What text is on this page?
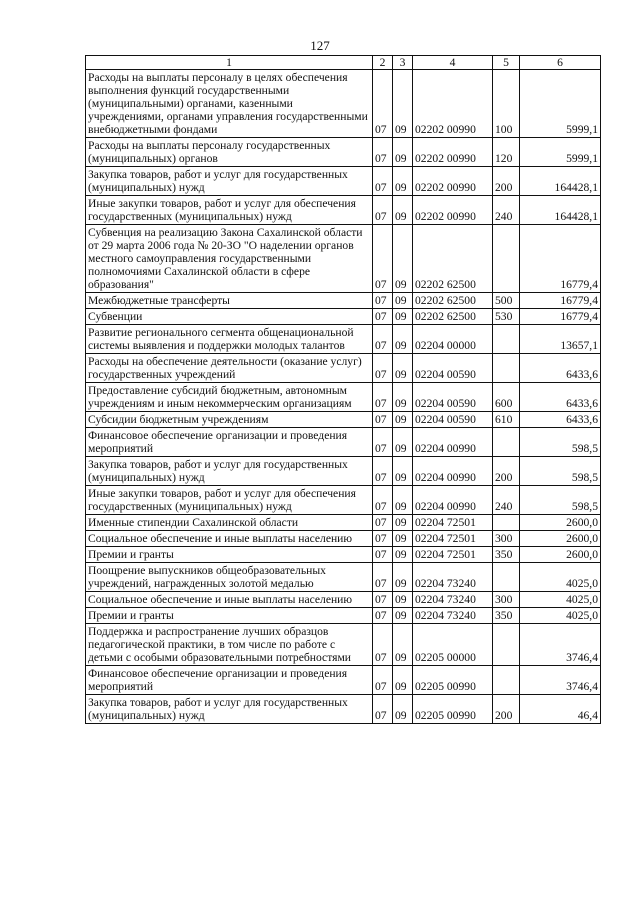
127
1	2	3	4	5	6
Расходы на выплаты персоналу в целях обеспечения выполнения функций государственными (муниципальными) органами, казенными учреждениями, органами управления государственными внебюджетными фондами	07	09	02202 00990	100	5999,1
Расходы на выплаты персоналу государственных (муниципальных) органов	07	09	02202 00990	120	5999,1
Закупка товаров, работ и услуг для государственных (муниципальных) нужд	07	09	02202 00990	200	164428,1
Иные закупки товаров, работ и услуг для обеспечения государственных (муниципальных) нужд	07	09	02202 00990	240	164428,1
Субвенция на реализацию Закона Сахалинской области от 29 марта 2006 года № 20-ЗО "О наделении органов местного самоуправления государственными полномочиями Сахалинской области в сфере образования"	07	09	02202 62500		16779,4
Межбюджетные трансферты	07	09	02202 62500	500	16779,4
Субвенции	07	09	02202 62500	530	16779,4
Развитие регионального сегмента общенациональной системы выявления и поддержки молодых талантов	07	09	02204 00000		13657,1
Расходы на обеспечение деятельности (оказание услуг) государственных учреждений	07	09	02204 00590		6433,6
Предоставление субсидий бюджетным, автономным учреждениям и иным некоммерческим организациям	07	09	02204 00590	600	6433,6
Субсидии бюджетным учреждениям	07	09	02204 00590	610	6433,6
Финансовое обеспечение организации и проведения мероприятий	07	09	02204 00990		598,5
Закупка товаров, работ и услуг для государственных (муниципальных) нужд	07	09	02204 00990	200	598,5
Иные закупки товаров, работ и услуг для обеспечения государственных (муниципальных) нужд	07	09	02204 00990	240	598,5
Именные стипендии Сахалинской области	07	09	02204 72501		2600,0
Социальное обеспечение и иные выплаты населению	07	09	02204 72501	300	2600,0
Премии и гранты	07	09	02204 72501	350	2600,0
Поощрение выпускников общеобразовательных учреждений, награжденных золотой медалью	07	09	02204 73240		4025,0
Социальное обеспечение и иные выплаты населению	07	09	02204 73240	300	4025,0
Премии и гранты	07	09	02204 73240	350	4025,0
Поддержка и распространение лучших образцов педагогической практики, в том числе по работе с детьми с особыми образовательными потребностями	07	09	02205 00000		3746,4
Финансовое обеспечение организации и проведения мероприятий	07	09	02205 00990		3746,4
Закупка товаров, работ и услуг для государственных (муниципальных) нужд	07	09	02205 00990	200	46,4
